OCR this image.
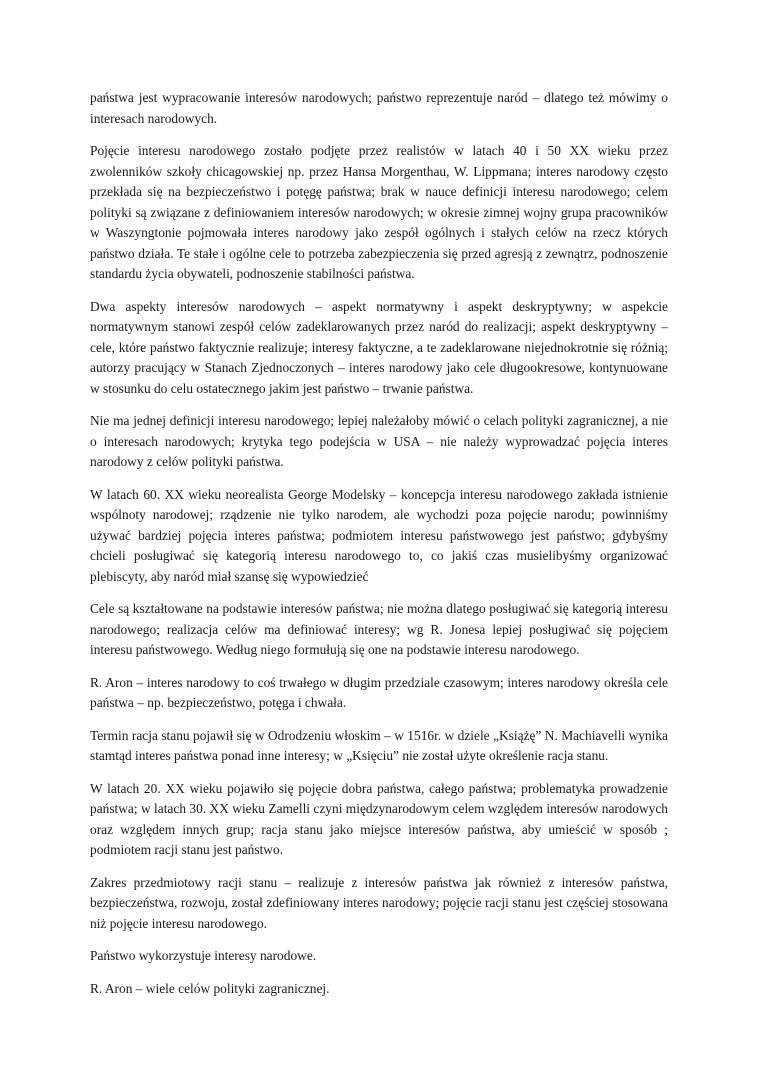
państwa jest wypracowanie interesów narodowych; państwo reprezentuje naród – dlatego też mówimy o interesach narodowych.

Pojęcie interesu narodowego zostało podjęte przez realistów w latach 40 i 50 XX wieku przez zwolenników szkoły chicagowskiej np. przez Hansa Morgenthau, W. Lippmana; interes narodowy często przekłada się na bezpieczeństwo i potęgę państwa; brak w nauce definicji interesu narodowego; celem polityki są związane z definiowaniem interesów narodowych; w okresie zimnej wojny grupa pracowników w Waszyngtonie pojmowała interes narodowy jako zespół ogólnych i stałych celów na rzecz których państwo działa. Te stałe i ogólne cele to potrzeba zabezpieczenia się przed agresją z zewnątrz, podnoszenie standardu życia obywateli, podnoszenie stabilności państwa.

Dwa aspekty interesów narodowych – aspekt normatywny i aspekt deskryptywny; w aspekcie normatywnym stanowi zespół celów zadeklarowanych przez naród do realizacji; aspekt deskryptywny – cele, które państwo faktycznie realizuje; interesy faktyczne, a te zadeklarowane niejednokrotnie się różnią; autorzy pracujący w Stanach Zjednoczonych – interes narodowy jako cele długookresowe, kontynuowane w stosunku do celu ostatecznego jakim jest państwo – trwanie państwa.

Nie ma jednej definicji interesu narodowego; lepiej należałoby mówić o celach polityki zagranicznej, a nie o interesach narodowych; krytyka tego podejścia w USA – nie należy wyprowadzać pojęcia interes narodowy z celów polityki państwa.

W latach 60. XX wieku neorealista George Modelsky – koncepcja interesu narodowego zakłada istnienie wspólnoty narodowej; rządzenie nie tylko narodem, ale wychodzi poza pojęcie narodu; powinniśmy używać bardziej pojęcia interes państwa; podmiotem interesu państwowego jest państwo; gdybyśmy chcieli posługiwać się kategorią interesu narodowego to, co jakiś czas musielibyśmy organizować plebiscyty, aby naród miał szansę się wypowiedzieć

Cele są kształtowane na podstawie interesów państwa; nie można dlatego posługiwać się kategorią interesu narodowego; realizacja celów ma definiować interesy; wg R. Jonesa lepiej posługiwać się pojęciem interesu państwowego. Według niego formułują się one na podstawie interesu narodowego.

R. Aron – interes narodowy to coś trwałego w długim przedziale czasowym; interes narodowy określa cele państwa – np. bezpieczeństwo, potęga i chwała.

Termin racja stanu pojawił się w Odrodzeniu włoskim – w 1516r. w dziele „Książę” N. Machiavelli wynika stamtąd interes państwa ponad inne interesy; w „Księciu” nie został użyte określenie racja stanu.

W latach 20. XX wieku pojawiło się pojęcie dobra państwa, całego państwa; problematyka prowadzenie państwa; w latach 30. XX wieku Zamelli czyni międzynarodowym celem względem interesów narodowych oraz względem innych grup; racja stanu jako miejsce interesów państwa, aby umieścić w sposób ; podmiotem racji stanu jest państwo.

Zakres przedmiotowy racji stanu – realizuje z interesów państwa jak również z interesów państwa, bezpieczeństwa, rozwoju, został zdefiniowany interes narodowy; pojęcie racji stanu jest częściej stosowana niż pojęcie interesu narodowego.

Państwo wykorzystuje interesy narodowe.

R. Aron – wiele celów polityki zagranicznej.
